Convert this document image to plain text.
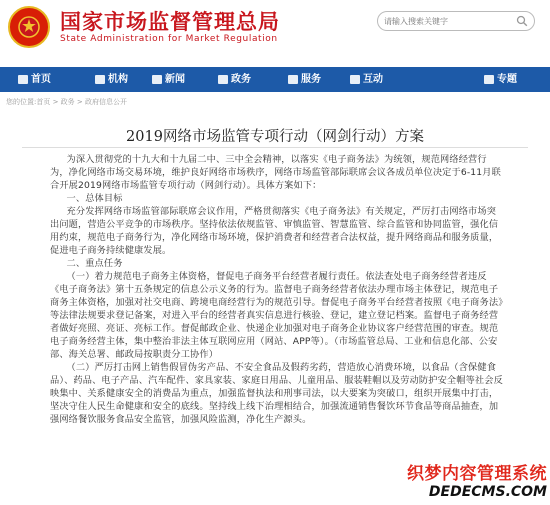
国家市场监督管理总局
State Administration for Market Regulation
请输入搜索关键字
首页	机构	新闻	政务	服务	互动	专题
您的位置:首页 > 政务 > 政府信息公开
2019网络市场监管专项行动（网剑行动）方案

为深入贯彻党的十九大和十九届二中、三中全会精神，以落实《电子商务法》为统领，规范网络经营行为，净化网络市场交易环境，维护良好网络市场秩序，网络市场监管部际联席会议各成员单位决定于6-11月联合开展2019网络市场监管专项行动（网剑行动）。具体方案如下：

一、总体目标

充分发挥网络市场监管部际联席会议作用，严格贯彻落实《电子商务法》有关规定，严厉打击网络市场突出问题，营造公平竞争的市场秩序。坚持依法依规监管、审慎监管、智慧监管、综合监管和协同监管，强化信用约束，规范电子商务行为，净化网络市场环境，保护消费者和经营者合法权益，提升网络商品和服务质量，促进电子商务持续健康发展。

二、重点任务

（一）着力规范电子商务主体资格，督促电子商务平台经营者履行责任。依法查处电子商务经营者违反《电子商务法》第十五条规定的信息公示义务的行为。监督电子商务经营者依法办理市场主体登记，规范电子商务主体资格，加强对社交电商、跨境电商经营行为的规范引导。督促电子商务平台经营者按照《电子商务法》等法律法规要求登记备案，对进入平台的经营者真实信息进行核验、登记，建立登记档案。监督电子商务经营者做好亮照、亮证、亮标工作。督促邮政企业、快递企业加强对电子商务企业协议客户经营范围的审查。规范电子商务经营主体，集中整治非法主体互联网应用（网站、APP等）。（市场监管总局、工业和信息化部、公安部、海关总署、邮政局按职责分工协作）

（二）严厉打击网上销售假冒伪劣产品、不安全食品及假药劣药，营造放心消费环境，以食品（含保健食品）、药品、电子产品、汽车配件、家具家装、家庭日用品、儿童用品、服装鞋帽以及劳动防护安全帽等社会反映集中、关系健康安全的消费品为重点，加强监督执法和刑事司法，以大要案为突破口，组织开展集中打击，坚决守住人民生命健康和安全的底线。坚持线上线下治理相结合，加强流通销售餐饮环节食品等商品抽查，加强网络餐饮服务食品安全监管，加强风险监测，净化生产源头。

织梦内容管理系统
DEDECMS.COM
